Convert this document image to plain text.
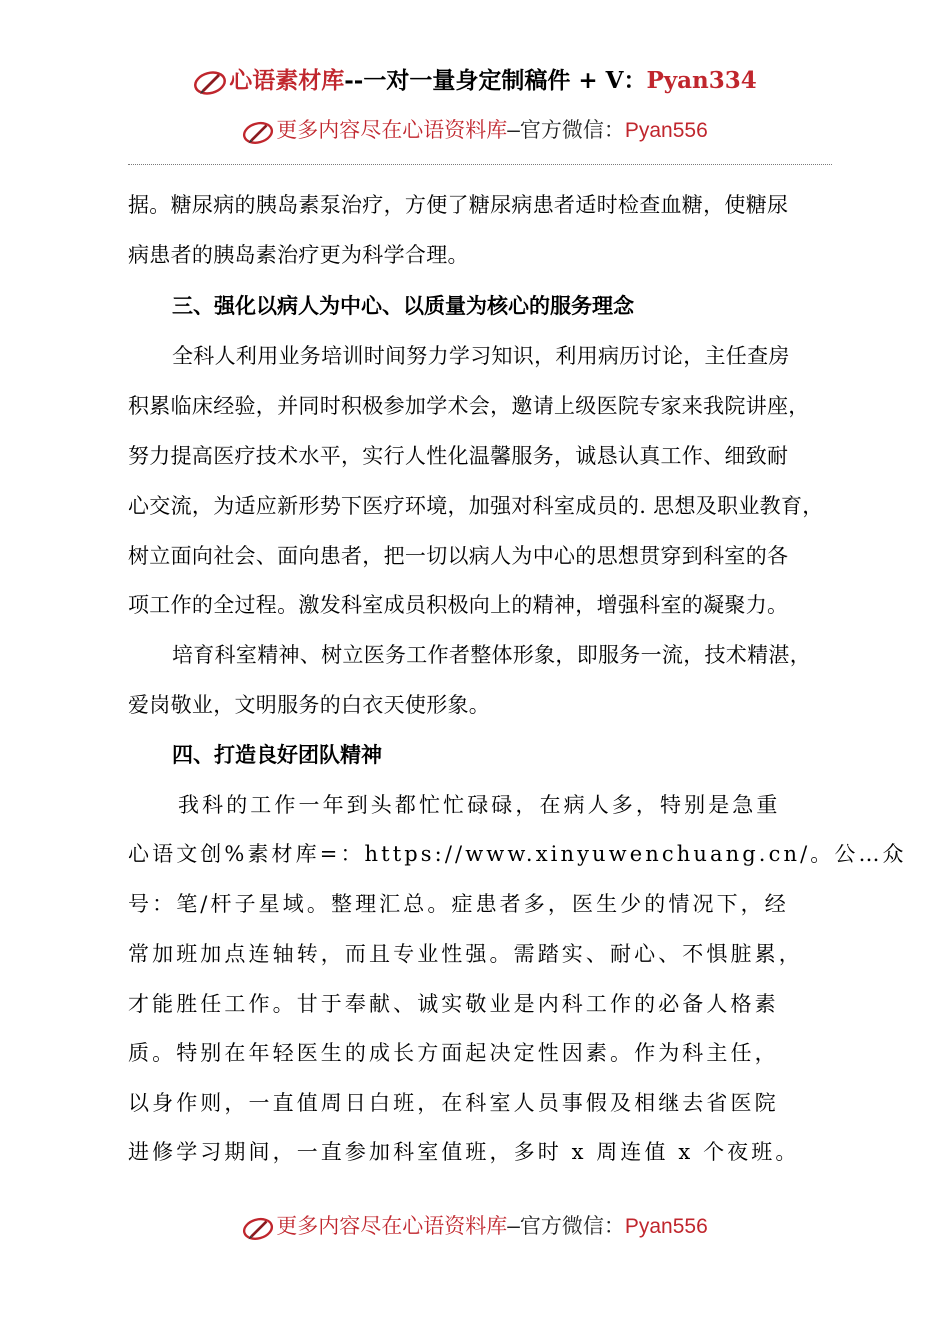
心语素材库--一对一量身定制稿件 + V：Pyan334
更多内容尽在心语资料库—官方微信：Pyan556
据。糖尿病的胰岛素泵治疗，方便了糖尿病患者适时检查血糖，使糖尿
病患者的胰岛素治疗更为科学合理。
三、强化以病人为中心、以质量为核心的服务理念
全科人利用业务培训时间努力学习知识，利用病历讨论，主任查房
积累临床经验，并同时积极参加学术会，邀请上级医院专家来我院讲座，
努力提高医疗技术水平，实行人性化温馨服务，诚恳认真工作、细致耐
心交流，为适应新形势下医疗环境，加强对科室成员的. 思想及职业教育，
树立面向社会、面向患者，把一切以病人为中心的思想贯穿到科室的各
项工作的全过程。激发科室成员积极向上的精神，增强科室的凝聚力。
培育科室精神、树立医务工作者整体形象，即服务一流，技术精湛，
爱岗敬业，文明服务的白衣天使形象。
四、打造良好团队精神
我科的工作一年到头都忙忙碌碌，在病人多，特别是急重
心语文创%素材库=：https://www.xinyuwenchuang.cn/。公…众
号：笔/杆子星域。整理汇总。症患者多，医生少的情况下，经
常加班加点连轴转，而且专业性强。需踏实、耐心、不惧脏累，
才能胜任工作。甘于奉献、诚实敬业是内科工作的必备人格素
质。特别在年轻医生的成长方面起决定性因素。作为科主任，
以身作则，一直值周日白班，在科室人员事假及相继去省医院
进修学习期间，一直参加科室值班，多时 x 周连值 x 个夜班。
更多内容尽在心语资料库—官方微信：Pyan556
